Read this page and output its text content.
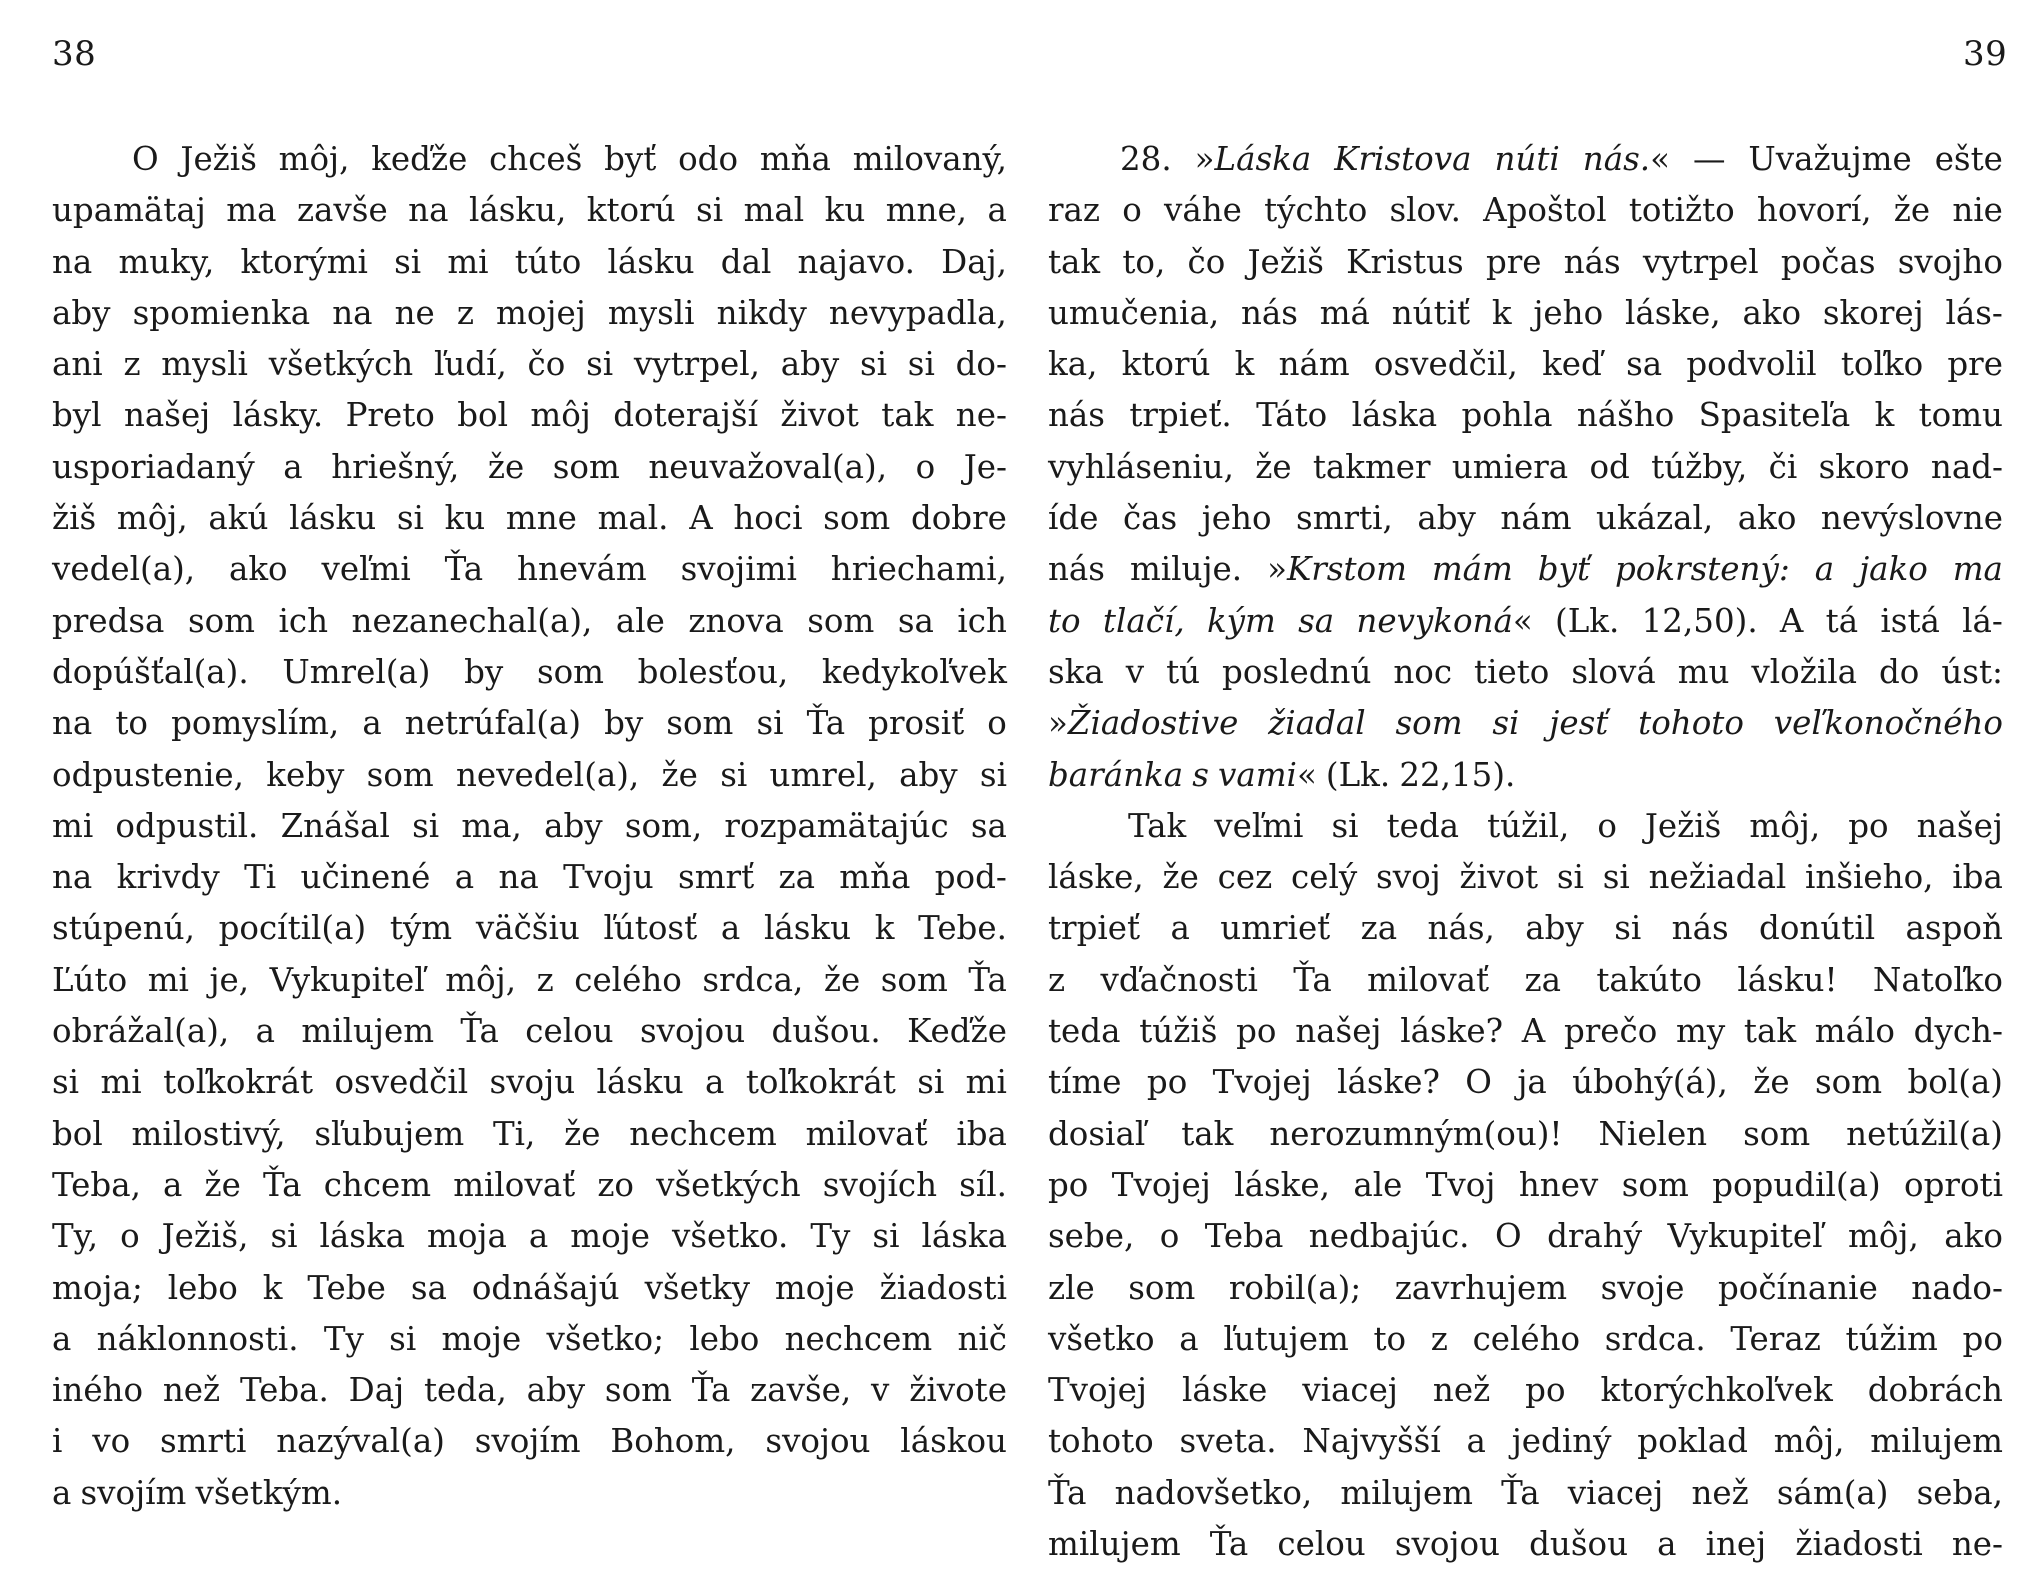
38	39
O Ježiš môj, keďže chceš byť odo mňa milovaný,
upamätaj ma zavše na lásku, ktorú si mal ku mne, a
na muky, ktorými si mi túto lásku dal najavo. Daj,
aby spomienka na ne z mojej mysli nikdy nevypadla,
ani z mysli všetkých ľudí, čo si vytrpel, aby si si do-
byl našej lásky. Preto bol môj doterajší život tak ne-
usporiadaný a hriešný, že som neuvažoval(a), o Je-
žiš môj, akú lásku si ku mne mal. A hoci som dobre
vedel(a), ako veľmi Ťa hnevám svojimi hriechami,
predsa som ich nezanechal(a), ale znova som sa ich
dopúšťal(a). Umrel(a) by som bolesťou, kedykoľvek
na to pomyslím, a netrúfal(a) by som si Ťa prosiť o
odpustenie, keby som nevedel(a), že si umrel, aby si
mi odpustil. Znášal si ma, aby som, rozpamätajúc sa
na krivdy Ti učinené a na Tvoju smrť za mňa pod-
stúpenú, pocítil(a) tým väčšiu ľútosť a lásku k Tebe.
Ľúto mi je, Vykupiteľ môj, z celého srdca, že som Ťa
obrážal(a), a milujem Ťa celou svojou dušou. Keďže
si mi toľkokrát osvedčil svoju lásku a toľkokrát si mi
bol milostivý, sľubujem Ti, že nechcem milovať iba
Teba, a že Ťa chcem milovať zo všetkých svojích síl.
Ty, o Ježiš, si láska moja a moje všetko. Ty si láska
moja; lebo k Tebe sa odnášajú všetky moje žiadosti
a náklonnosti. Ty si moje všetko; lebo nechcem nič
iného než Teba. Daj teda, aby som Ťa zavše, v živote
i vo smrti nazýval(a) svojím Bohom, svojou láskou
a svojím všetkým.
28. »Láska Kristova núti nás.« — Uvažujme ešte
raz o váhe týchto slov. Apoštol totižto hovorí, že nie
tak to, čo Ježiš Kristus pre nás vytrpel počas svojho
umučenia, nás má nútiť k jeho láske, ako skorej lás-
ka, ktorú k nám osvedčil, keď sa podvolil toľko pre
nás trpieť. Táto láska pohla nášho Spasiteľa k tomu
vyhláseniu, že takmer umiera od túžby, či skoro nad-
íde čas jeho smrti, aby nám ukázal, ako nevýslovne
nás miluje. »Krstom mám byť pokrstený: a jako ma
to tlačí, kým sa nevykoná« (Lk. 12,50). A tá istá lá-
ska v tú poslednú noc tieto slová mu vložila do úst:
»Žiadostive žiadal som si jesť tohoto veľkonočného
baránka s vami« (Lk. 22,15).
Tak veľmi si teda túžil, o Ježiš môj, po našej
láske, že cez celý svoj život si si nežiadal inšieho, iba
trpieť a umrieť za nás, aby si nás donútil aspoň
z vďačnosti Ťa milovať za takúto lásku! Natoľko
teda túžiš po našej láske? A prečo my tak málo dych-
tíme po Tvojej láske? O ja úbohý(á), že som bol(a)
dosiaľ tak nerozumným(ou)! Nielen som netúžil(a)
po Tvojej láske, ale Tvoj hnev som popudil(a) oproti
sebe, o Teba nedbajúc. O drahý Vykupiteľ môj, ako
zle som robil(a); zavrhujem svoje počínanie nado-
všetko a ľutujem to z celého srdca. Teraz túžim po
Tvojej láske viacej než po ktorýchkoľvek dobrách
tohoto sveta. Najvyšší a jediný poklad môj, milujem
Ťa nadovšetko, milujem Ťa viacej než sám(a) seba,
milujem Ťa celou svojou dušou a inej žiadosti ne-
